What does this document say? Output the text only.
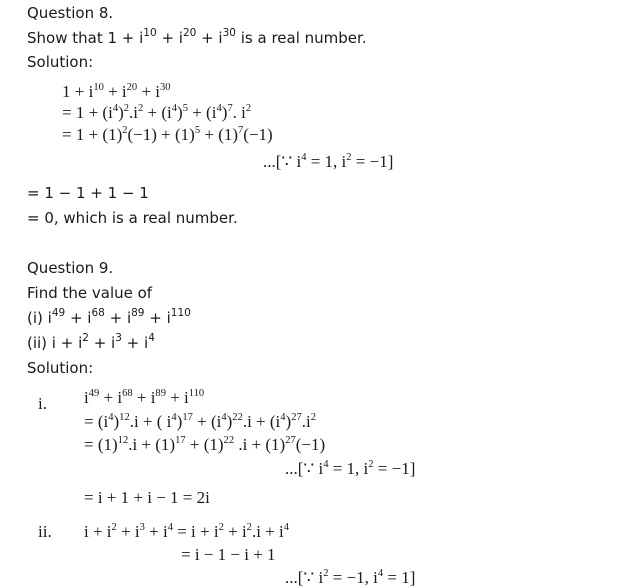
Question 8.
Show that $1 + i^{10} + i^{20} + i^{30}$ is a real number.
Solution:
$1 + i^{10} + i^{20} + i^{30}$
= $1 + (i^4)^2.i^2 + (i^4)^5 + (i^4)^7$. $i^2$
= $1 + (1)^2(-1) + (1)^5 + (1)^7(-1)$
...[∵ $i^4 = 1$, $i^2 = -1$]
= 1 − 1 + 1 − 1
= 0, which is a real number.
Question 9.
Find the value of
(i) $i^{49} + i^{68} + i^{89} + i^{110}$
(ii) $i + i^2 + i^3 + i^4$
Solution:
i. $i^{49} + i^{68} + i^{89} + i^{110}$
= $(i^4)^{12}.i$ + ( $i^4)^{17} + (i^4)^{22}.i + (i^4)^{27}.i^2$
= $(1)^{12}.i + (1)^{17} + (1)^{22}$ $.i + (1)^{27}(-1)$
...[∵ $i^4 = 1$, $i^2 = -1$]
= i + 1 + i − 1 = 2i
ii. $i + i^2 + i^3 + i^4 = i + i^2 + i^2.i + i^4$
= i − 1 − i + 1
...[∵ $i^2 = -1$, $i^4 = 1$]
